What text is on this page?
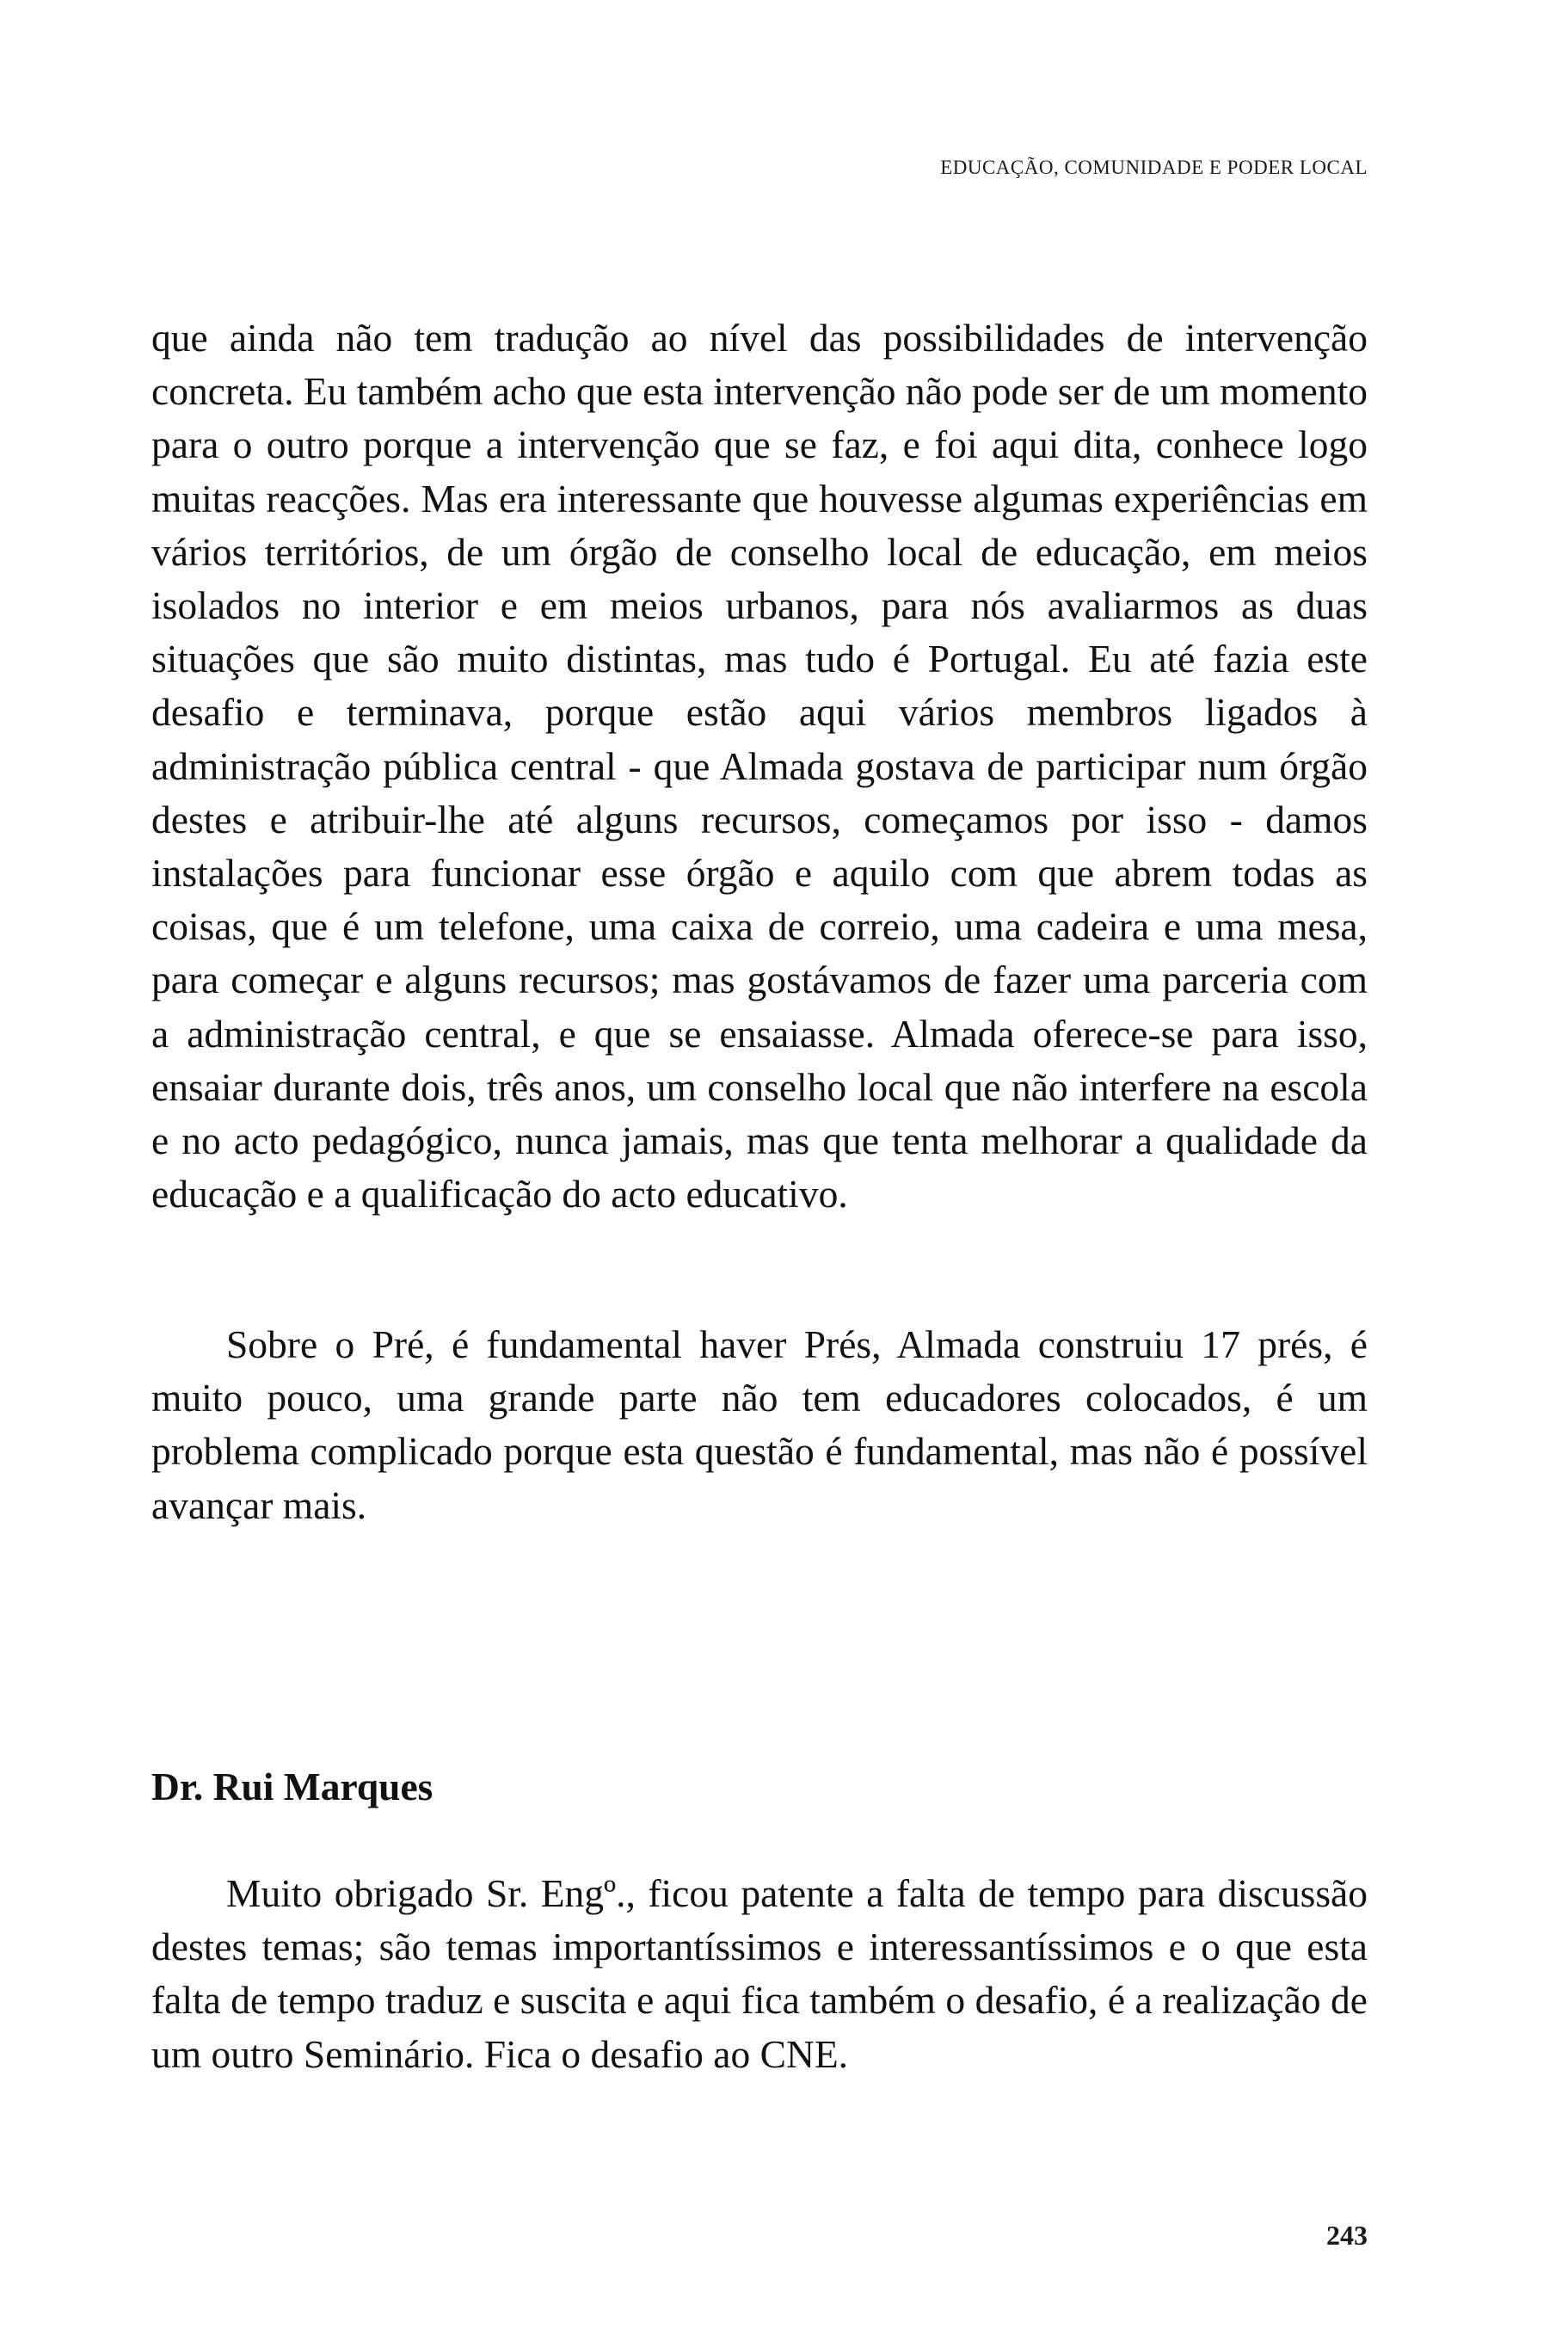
EDUCAÇÃO, COMUNIDADE E PODER LOCAL

que ainda não tem tradução ao nível das possibilidades de intervenção concreta. Eu também acho que esta intervenção não pode ser de um momento para o outro porque a intervenção que se faz, e foi aqui dita, conhece logo muitas reacções. Mas era interessante que houvesse algumas experiências em vários territórios, de um órgão de conselho local de educação, em meios isolados no interior e em meios urbanos, para nós avaliarmos as duas situações que são muito distintas, mas tudo é Portugal. Eu até fazia este desafio e terminava, porque estão aqui vários membros ligados à administração pública central - que Almada gostava de participar num órgão destes e atribuir-lhe até alguns recursos, começamos por isso - damos instalações para funcionar esse órgão e aquilo com que abrem todas as coisas, que é um telefone, uma caixa de correio, uma cadeira e uma mesa, para começar e alguns recursos; mas gostávamos de fazer uma parceria com a administração central, e que se ensaiasse. Almada oferece-se para isso, ensaiar durante dois, três anos, um conselho local que não interfere na escola e no acto pedagógico, nunca jamais, mas que tenta melhorar a qualidade da educação e a qualificação do acto educativo.

Sobre o Pré, é fundamental haver Prés, Almada construiu 17 prés, é muito pouco, uma grande parte não tem educadores colocados, é um problema complicado porque esta questão é fundamental, mas não é possível avançar mais.

Dr. Rui Marques

Muito obrigado Sr. Engº., ficou patente a falta de tempo para discussão destes temas; são temas importantíssimos e interessantíssimos e o que esta falta de tempo traduz e suscita e aqui fica também o desafio, é a realização de um outro Seminário. Fica o desafio ao CNE.

243
